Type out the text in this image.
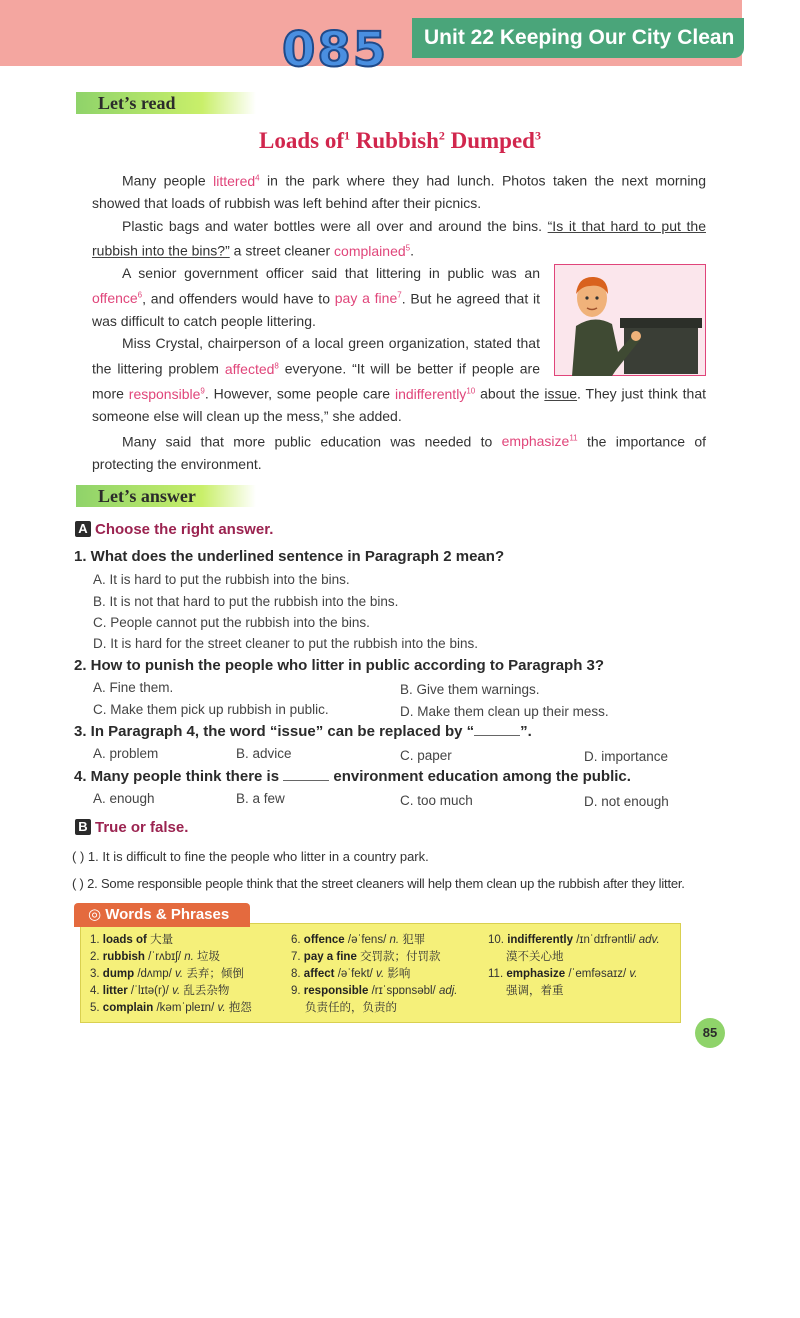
085	Unit 22 Keeping Our City Clean
Let’s read
Loads $of^1$ Rubbish$^2$ Dumped$^3$

Many people littered$^4$ in the park where they had lunch. Photos taken the next morning showed that loads of rubbish was left behind after their picnics.

Plastic bags and water bottles were all over and around the bins. “Is it that hard to put the rubbish into the bins?” a street cleaner complained$^5$.

A senior government officer said that littering in public was an offence$^6$, and offenders would have to pay a fine$^7$. But he agreed that it was difficult to catch people littering.

Miss Crystal, chairperson of a local green organization, stated that the littering problem affected$^8$ everyone. “It will be better if people are more responsible$^9$. However, some people care indifferently$^{10}$ about the issue. They just think that someone else will clean up the mess,” she added.

Many said that more public education was needed to emphasize$^{11}$ the importance of protecting the environment.

Let’s answer
A Choose the right answer.
1. What does the underlined sentence in Paragraph 2 mean?
A. It is hard to put the rubbish into the bins.
B. It is not that hard to put the rubbish into the bins.
C. People cannot put the rubbish into the bins.
D. It is hard for the street cleaner to put the rubbish into the bins.
2. How to punish the people who litter in public according to Paragraph 3?
A. Fine them.	B. Give them warnings.
C. Make them pick up rubbish in public.	D. Make them clean up their mess.
3. In Paragraph 4, the word “issue” can be replaced by “	”.
A. problem	B. advice	C. paper	D. importance
4. Many people think there is	environment education among the public.
A. enough	B. a few	C. too much	D. not enough
B True or false.
( ) 1. It is difficult to fine the people who litter in a country park.
( ) 2. Some responsible people think that the street cleaners will help them clean up the rubbish after they litter.
◎ Words & Phrases
1. loads of 大量
2. rubbish /ˈrʌbɪʃ/ n. 垃圾
3. dump /dʌmp/ v. 丢弃；倾倒
4. litter /ˈlɪtə(r)/ v. 乱丢杂物
5. complain /kəmˈpleɪn/ v. 抱怨
6. offence /əˈfens/ n. 犯罪
7. pay a fine 交罚款；付罚款
8. affect /əˈfekt/ v. 影响
9. responsible /rɪˈspɒnsəbl/ adj.
负责任的，负责的
10. indifferently /ɪnˈdɪfrəntli/ adv.
漠不关心地
11. emphasize /ˈemfəsaɪz/ v.
强调，着重
85
